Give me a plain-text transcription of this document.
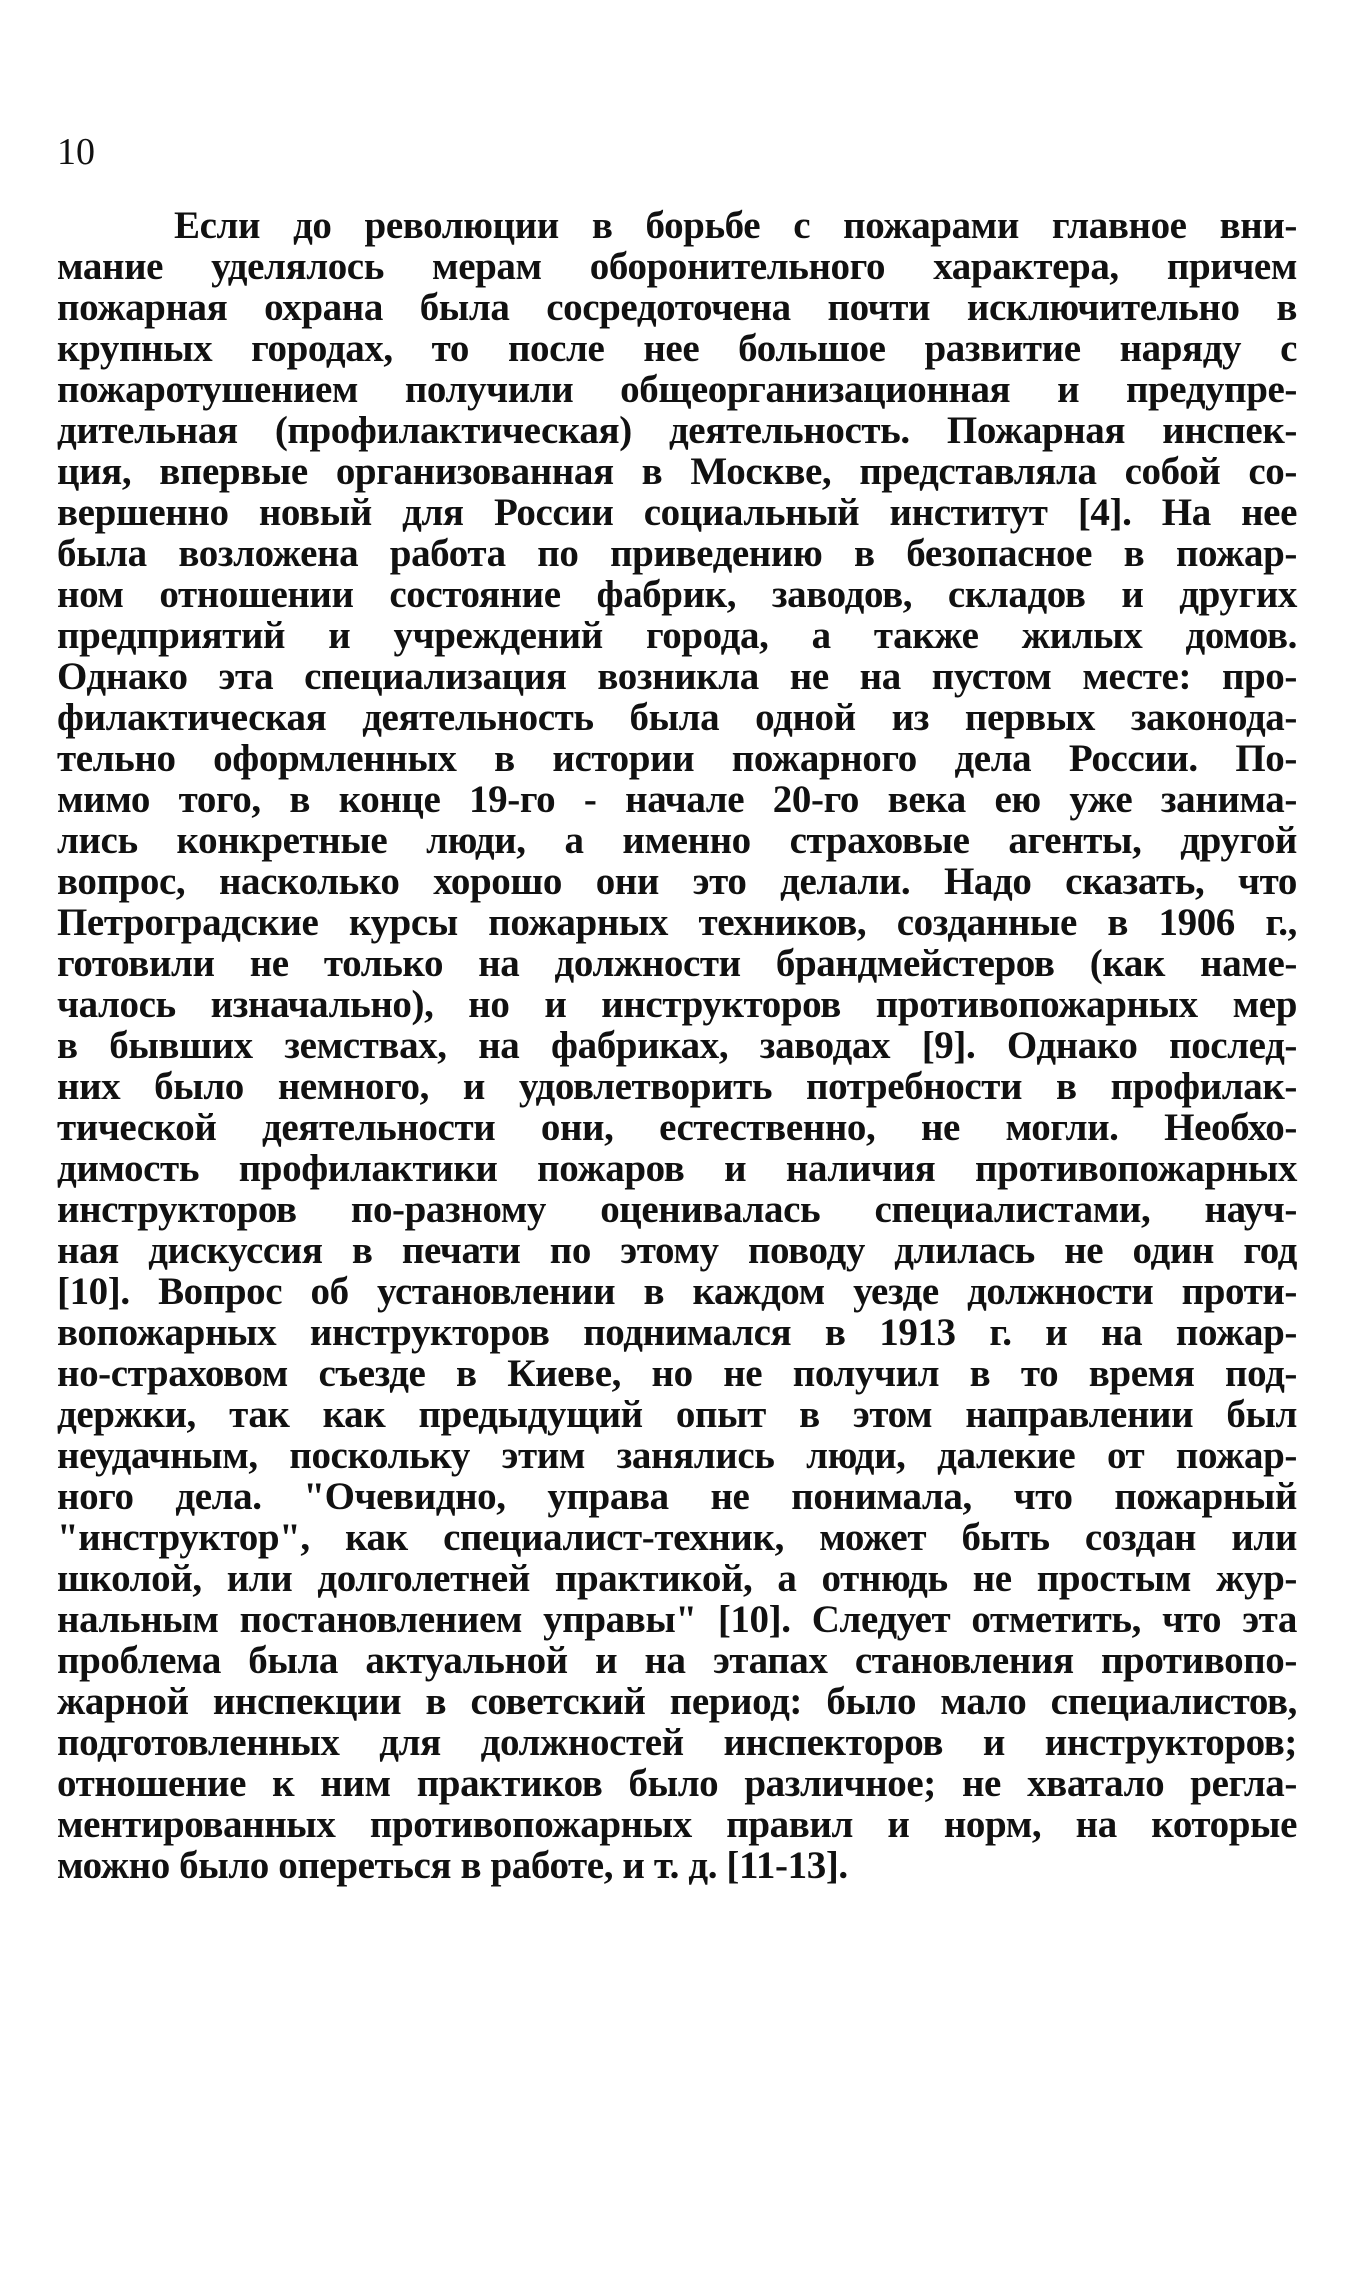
10
Если до революции в борьбе с пожарами главное вни-
мание уделялось мерам оборонительного характера, причем
пожарная охрана была сосредоточена почти исключительно в
крупных городах, то после нее большое развитие наряду с
пожаротушением получили общеорганизационная и предупре-
дительная (профилактическая) деятельность. Пожарная инспек-
ция, впервые организованная в Москве, представляла собой со-
вершенно новый для России социальный институт [4]. На нее
была возложена работа по приведению в безопасное в пожар-
ном отношении состояние фабрик, заводов, складов и других
предприятий и учреждений города, а также жилых домов.
Однако эта специализация возникла не на пустом месте: про-
филактическая деятельность была одной из первых законода-
тельно оформленных в истории пожарного дела России. По-
мимо того, в конце 19-го - начале 20-го века ею уже занима-
лись конкретные люди, а именно страховые агенты, другой
вопрос, насколько хорошо они это делали. Надо сказать, что
Петроградские курсы пожарных техников, созданные в 1906 г.,
готовили не только на должности брандмейстеров (как наме-
чалось изначально), но и инструкторов противопожарных мер
в бывших земствах, на фабриках, заводах [9]. Однако послед-
них было немного, и удовлетворить потребности в профилак-
тической деятельности они, естественно, не могли. Необхо-
димость профилактики пожаров и наличия противопожарных
инструкторов по-разному оценивалась специалистами, науч-
ная дискуссия в печати по этому поводу длилась не один год
[10]. Вопрос об установлении в каждом уезде должности проти-
вопожарных инструкторов поднимался в 1913 г. и на пожар-
но-страховом съезде в Киеве, но не получил в то время под-
держки, так как предыдущий опыт в этом направлении был
неудачным, поскольку этим занялись люди, далекие от пожар-
ного дела. "Очевидно, управа не понимала, что пожарный
"инструктор", как специалист-техник, может быть создан или
школой, или долголетней практикой, а отнюдь не простым жур-
нальным постановлением управы" [10]. Следует отметить, что эта
проблема была актуальной и на этапах становления противопо-
жарной инспекции в советский период: было мало специалистов,
подготовленных для должностей инспекторов и инструкторов;
отношение к ним практиков было различное; не хватало регла-
ментированных противопожарных правил и норм, на которые
можно было опереться в работе, и т. д. [11-13].
